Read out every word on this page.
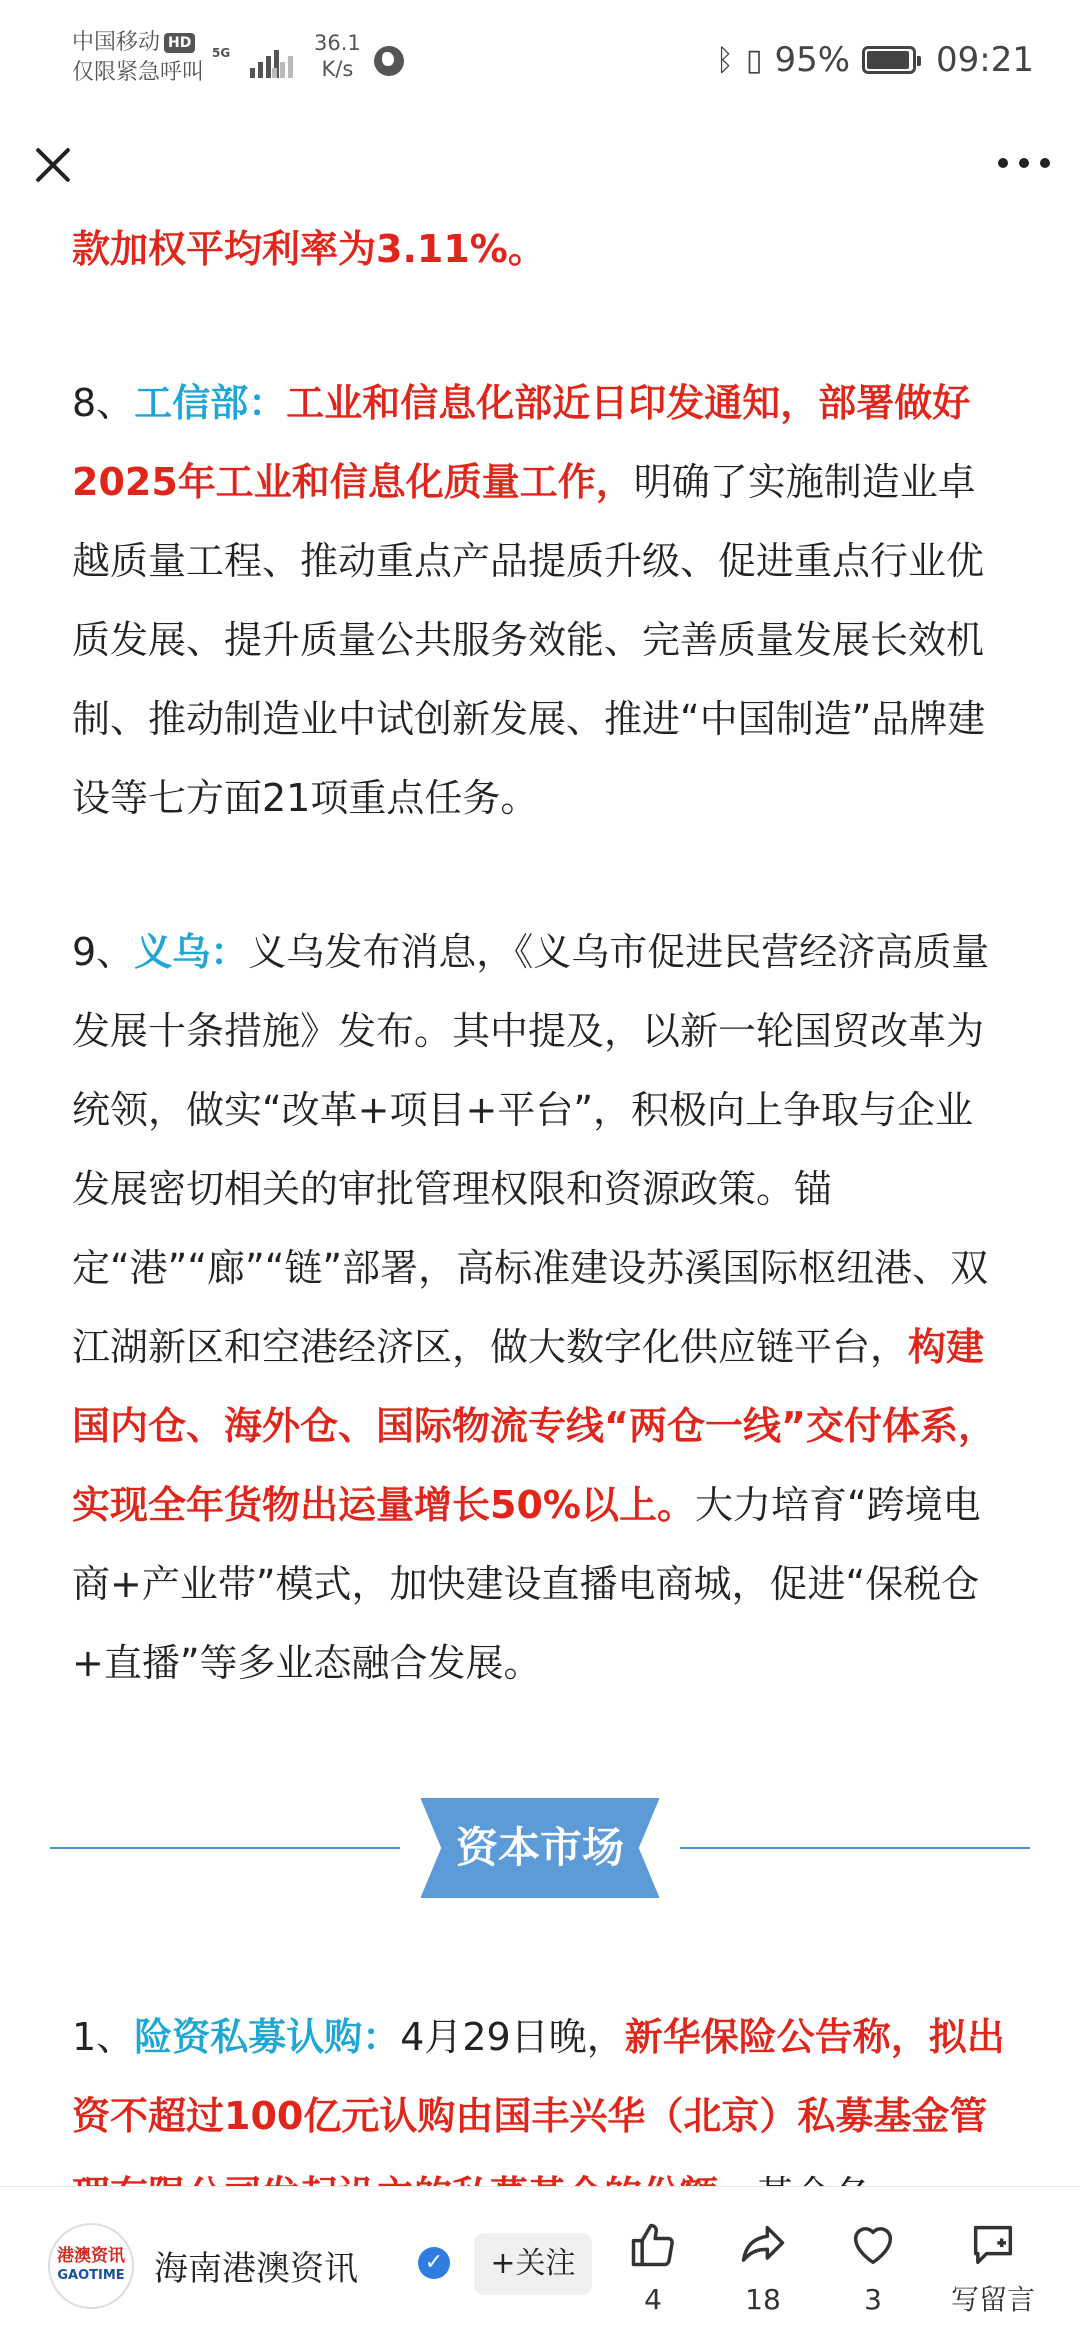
中国移动 HD
仅限紧急呼叫
5G	36.1
K/s	ᛒ ▯ 95%	09:21
款加权平均利率为3.11%。
8、工信部：工业和信息化部近日印发通知，部署做好2025年工业和信息化质量工作，明确了实施制造业卓越质量工程、推动重点产品提质升级、促进重点行业优质发展、提升质量公共服务效能、完善质量发展长效机制、推动制造业中试创新发展、推进“中国制造”品牌建设等七方面21项重点任务。
9、义乌：义乌发布消息，《义乌市促进民营经济高质量发展十条措施》发布。其中提及，以新一轮国贸改革为统领，做实“改革+项目+平台”，积极向上争取与企业发展密切相关的审批管理权限和资源政策。锚定“港”“廊”“链”部署，高标准建设苏溪国际枢纽港、双江湖新区和空港经济区，做大数字化供应链平台，构建国内仓、海外仓、国际物流专线“两仓一线”交付体系，实现全年货物出运量增长50%以上。大力培育“跨境电商+产业带”模式，加快建设直播电商城，促进“保税仓+直播”等多业态融合发展。
资本市场
1、险资私募认购：4月29日晚，新华保险公告称，拟出资不超过100亿元认购由国丰兴华（北京）私募基金管
港澳资讯
GAOTIME 海南港澳资讯	✓	+关注
4	18	3	写留言
